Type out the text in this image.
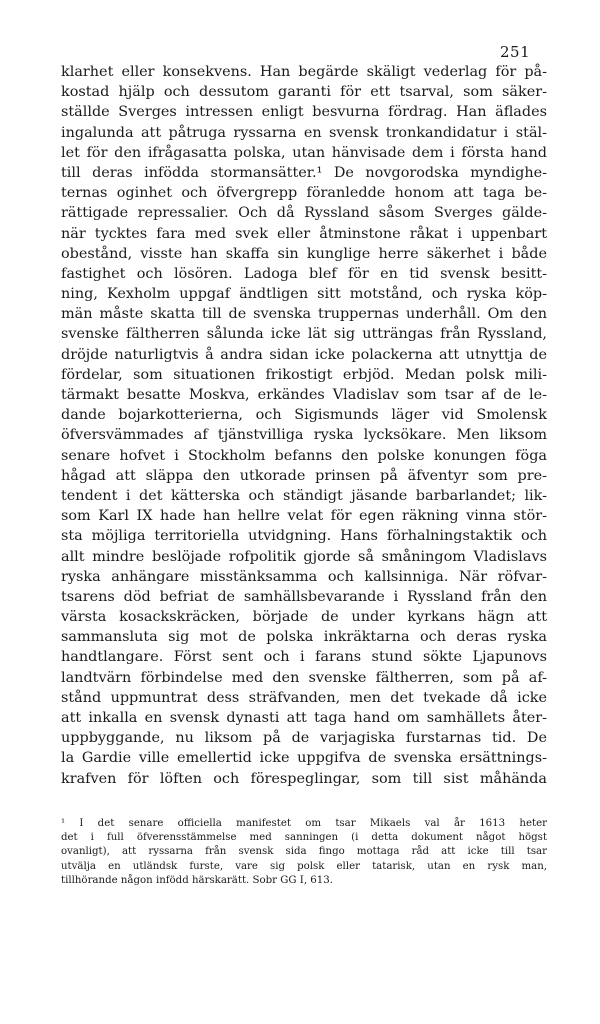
251
klarhet eller konsekvens. Han begärde skäligt vederlag för på-
kostad hjälp och dessutom garanti för ett tsarval, som säker-
ställde Sverges intressen enligt besvurna fördrag. Han äflades
ingalunda att påtruga ryssarna en svensk tronkandidatur i stäl-
let för den ifrågasatta polska, utan hänvisade dem i första hand
till deras infödda stormansätter.¹ De novgorodska myndighe-
ternas oginhet och öfvergrepp föranledde honom att taga be-
rättigade repressalier. Och då Ryssland såsom Sverges gälde-
när tycktes fara med svek eller åtminstone råkat i uppenbart
obestånd, visste han skaffa sin kunglige herre säkerhet i både
fastighet och lösören. Ladoga blef för en tid svensk besitt-
ning, Kexholm uppgaf ändtligen sitt motstånd, och ryska köp-
män måste skatta till de svenska truppernas underhåll. Om den
svenske fältherren sålunda icke lät sig utträngas från Ryssland,
dröjde naturligtvis å andra sidan icke polackerna att utnyttja de
fördelar, som situationen frikostigt erbjöd. Medan polsk mili-
tärmakt besatte Moskva, erkändes Vladislav som tsar af de le-
dande bojarkotterierna, och Sigismunds läger vid Smolensk
öfversvämmades af tjänstvilliga ryska lycksökare. Men liksom
senare hofvet i Stockholm befanns den polske konungen föga
hågad att släppa den utkorade prinsen på äfventyr som pre-
tendent i det kätterska och ständigt jäsande barbarlandet; lik-
som Karl IX hade han hellre velat för egen räkning vinna stör-
sta möjliga territoriella utvidgning. Hans förhalningstaktik och
allt mindre beslöjade rofpolitik gjorde så småningom Vladislavs
ryska anhängare misstänksamma och kallsinniga. När röfvar-
tsarens död befriat de samhällsbevarande i Ryssland från den
värsta kosackskräcken, började de under kyrkans hägn att
sammansluta sig mot de polska inkräktarna och deras ryska
handtlangare. Först sent och i farans stund sökte Ljapunovs
landtvärn förbindelse med den svenske fältherren, som på af-
stånd uppmuntrat dess sträfvanden, men det tvekade då icke
att inkalla en svensk dynasti att taga hand om samhällets åter-
uppbyggande, nu liksom på de varjagiska furstarnas tid. De
la Gardie ville emellertid icke uppgifva de svenska ersättnings-
krafven för löften och förespeglingar, som till sist måhända
¹ I det senare officiella manifestet om tsar Mikaels val år 1613 heter
det i full öfverensstämmelse med sanningen (i detta dokument något högst
ovanligt), att ryssarna från svensk sida fingo mottaga råd att icke till tsar
utvälja en utländsk furste, vare sig polsk eller tatarisk, utan en rysk man,
tillhörande någon infödd härskarätt. Sobr GG I, 613.
